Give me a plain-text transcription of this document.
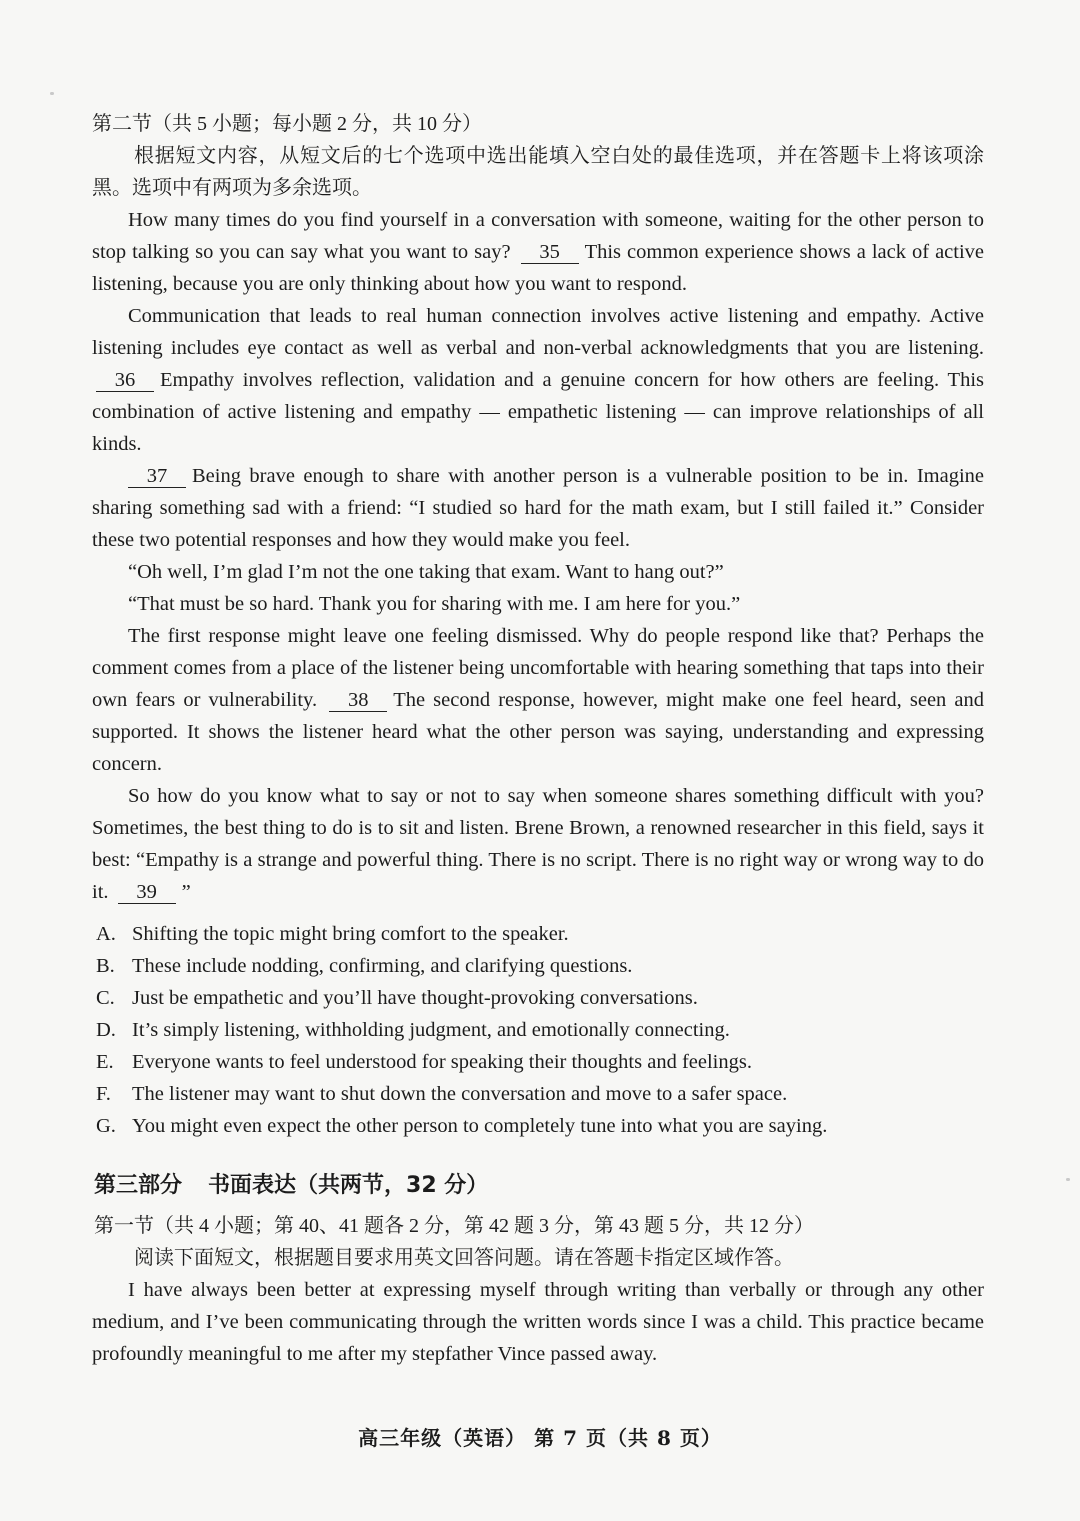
第二节（共 5 小题；每小题 2 分，共 10 分）

根据短文内容，从短文后的七个选项中选出能填入空白处的最佳选项，并在答题卡上将该项涂黑。选项中有两项为多余选项。

How many times do you find yourself in a conversation with someone, waiting for the other person to stop talking so you can say what you want to say? 35 This common experience shows a lack of active listening, because you are only thinking about how you want to respond.

Communication that leads to real human connection involves active listening and empathy. Active listening includes eye contact as well as verbal and non-verbal acknowledgments that you are listening. 36 Empathy involves reflection, validation and a genuine concern for how others are feeling. This combination of active listening and empathy — empathetic listening — can improve relationships of all kinds.

37 Being brave enough to share with another person is a vulnerable position to be in. Imagine sharing something sad with a friend: “I studied so hard for the math exam, but I still failed it.” Consider these two potential responses and how they would make you feel.

“Oh well, I’m glad I’m not the one taking that exam. Want to hang out?”

“That must be so hard. Thank you for sharing with me. I am here for you.”

The first response might leave one feeling dismissed. Why do people respond like that? Perhaps the comment comes from a place of the listener being uncomfortable with hearing something that taps into their own fears or vulnerability. 38 The second response, however, might make one feel heard, seen and supported. It shows the listener heard what the other person was saying, understanding and expressing concern.

So how do you know what to say or not to say when someone shares something difficult with you? Sometimes, the best thing to do is to sit and listen. Brene Brown, a renowned researcher in this field, says it best: “Empathy is a strange and powerful thing. There is no script. There is no right way or wrong way to do it. 39 ”

A. Shifting the topic might bring comfort to the speaker.
B. These include nodding, confirming, and clarifying questions.
C. Just be empathetic and you’ll have thought-provoking conversations.
D. It’s simply listening, withholding judgment, and emotionally connecting.
E. Everyone wants to feel understood for speaking their thoughts and feelings.
F. The listener may want to shut down the conversation and move to a safer space.
G. You might even expect the other person to completely tune into what you are saying.
第三部分 书面表达（共两节，32 分）

第一节（共 4 小题；第 40、41 题各 2 分，第 42 题 3 分，第 43 题 5 分，共 12 分）

阅读下面短文，根据题目要求用英文回答问题。请在答题卡指定区域作答。

I have always been better at expressing myself through writing than verbally or through any other medium, and I’ve been communicating through the written words since I was a child. This practice became profoundly meaningful to me after my stepfather Vince passed away.

高三年级（英语） 第 7 页（共 8 页）
